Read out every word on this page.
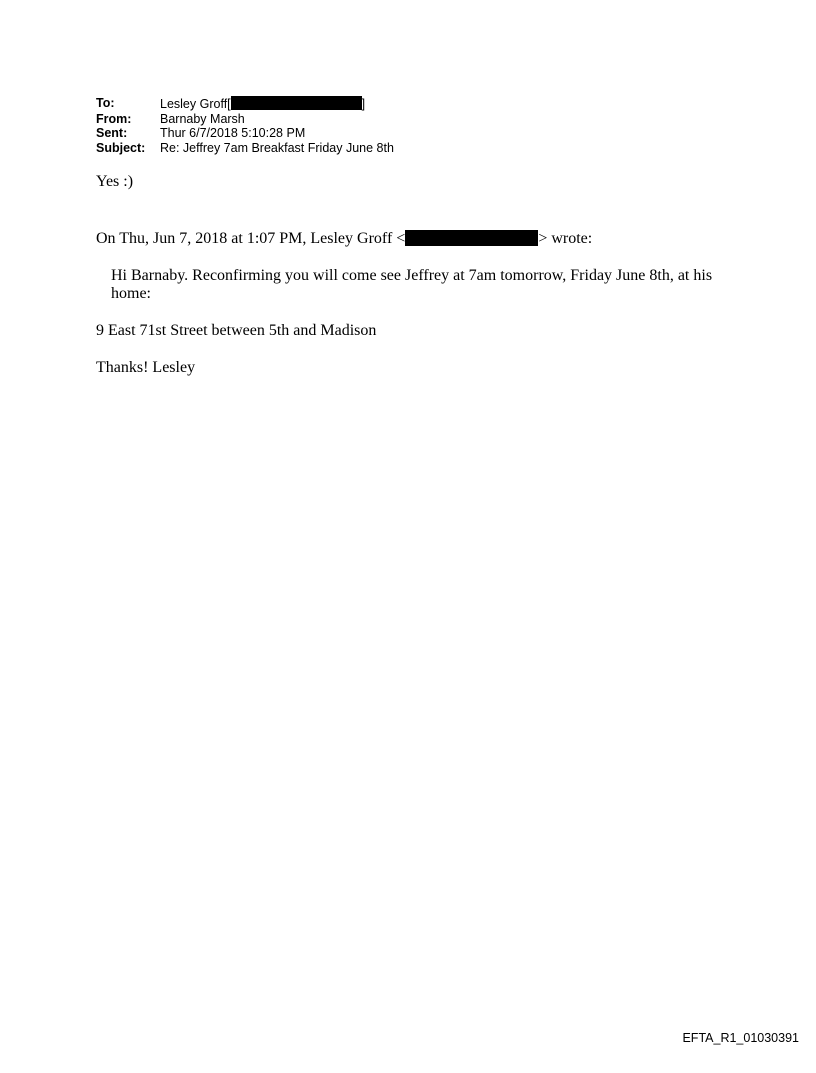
To:	Lesley Groff[	]
From:	Barnaby Marsh
Sent:	Thur 6/7/2018 5:10:28 PM
Subject:	Re: Jeffrey 7am Breakfast Friday June 8th
Yes :)
On Thu, Jun 7, 2018 at 1:07 PM, Lesley Groff <	> wrote:
Hi Barnaby. Reconfirming you will come see Jeffrey at 7am tomorrow, Friday June 8th, at his home:
9 East 71st Street between 5th and Madison
Thanks! Lesley
EFTA_R1_01030391
